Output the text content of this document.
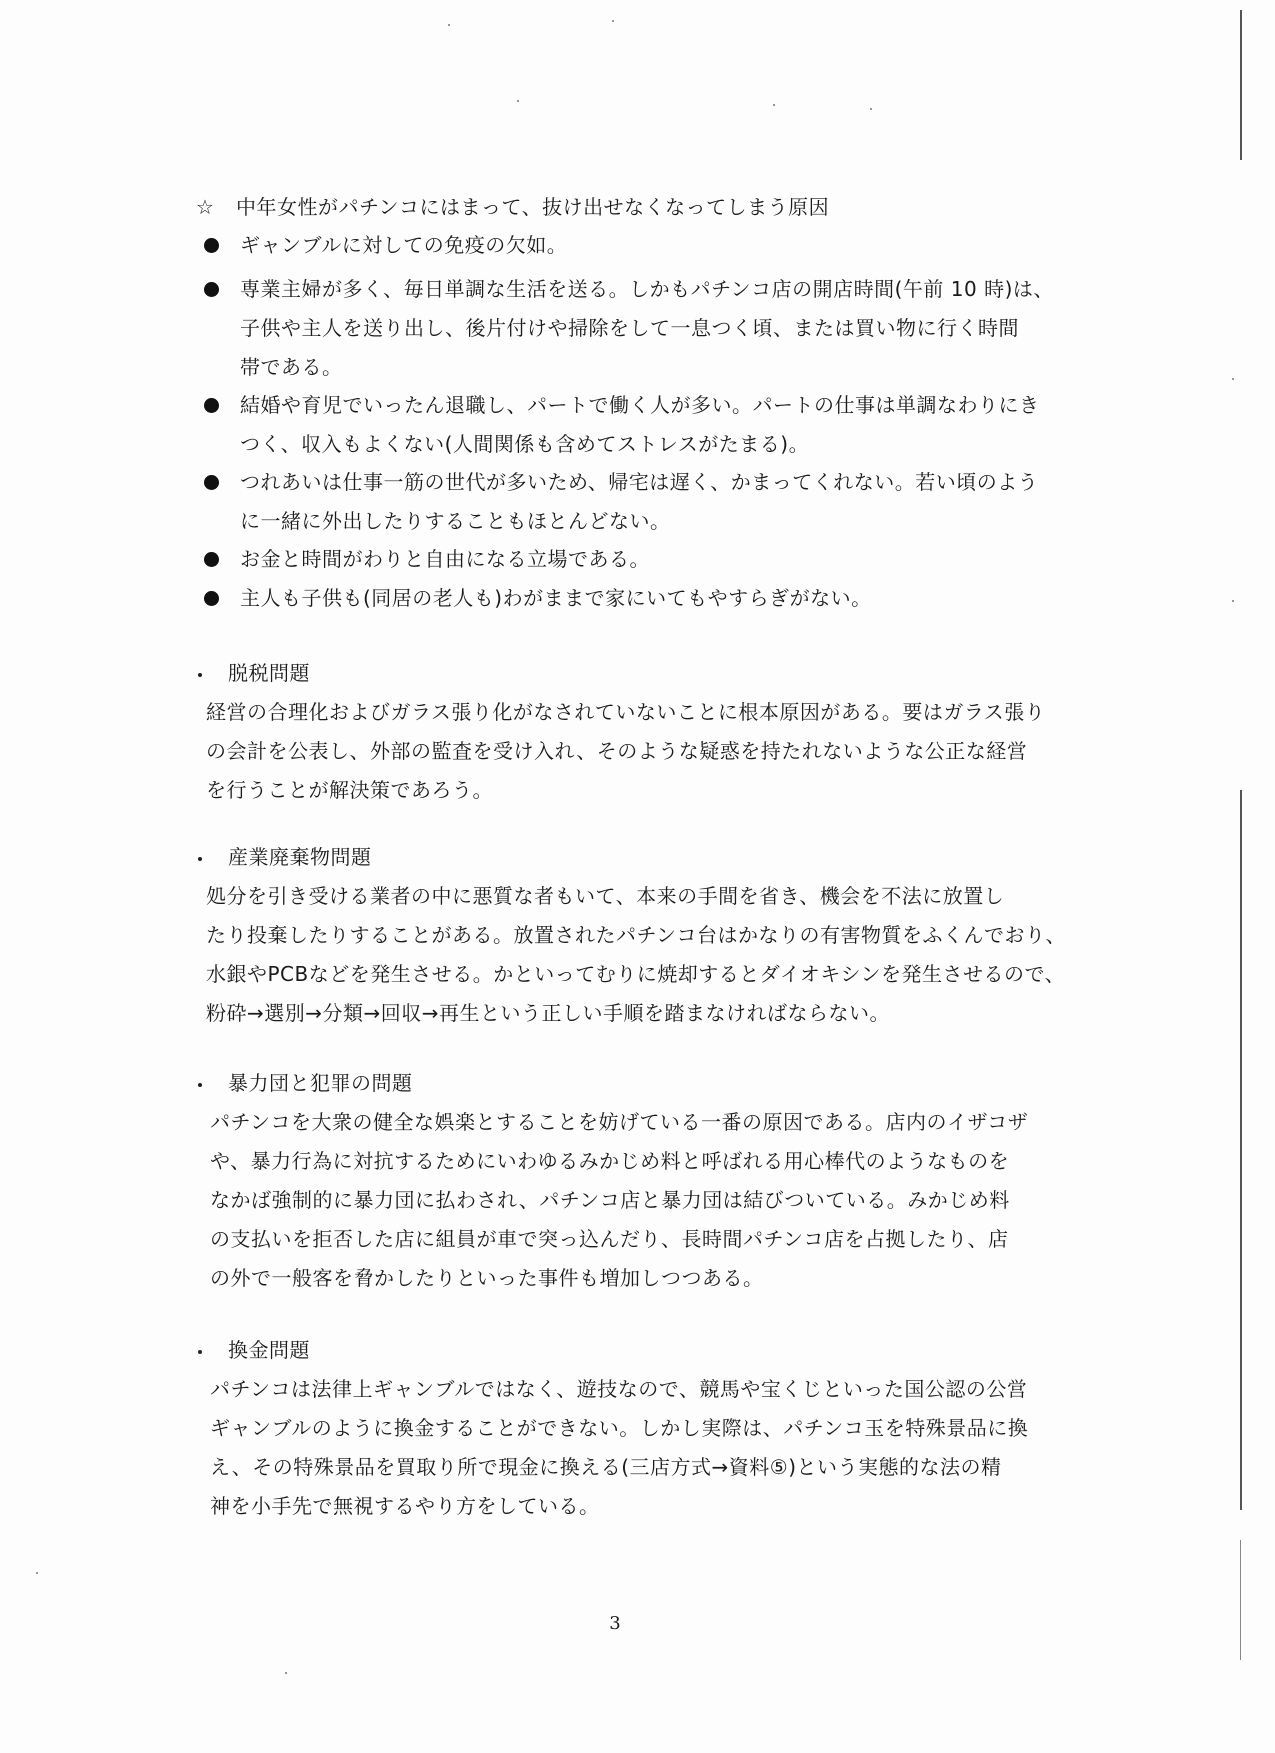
☆ 中年女性がパチンコにはまって、抜け出せなくなってしまう原因
ギャンブルに対しての免疫の欠如。
専業主婦が多く、毎日単調な生活を送る。しかもパチンコ店の開店時間(午前 10 時)は、
子供や主人を送り出し、後片付けや掃除をして一息つく頃、または買い物に行く時間
帯である。
結婚や育児でいったん退職し、パートで働く人が多い。パートの仕事は単調なわりにき
つく、収入もよくない(人間関係も含めてストレスがたまる)。
つれあいは仕事一筋の世代が多いため、帰宅は遅く、かまってくれない。若い頃のよう
に一緒に外出したりすることもほとんどない。
お金と時間がわりと自由になる立場である。
主人も子供も(同居の老人も)わがままで家にいてもやすらぎがない。
脱税問題
経営の合理化およびガラス張り化がなされていないことに根本原因がある。要はガラス張り
の会計を公表し、外部の監査を受け入れ、そのような疑惑を持たれないような公正な経営
を行うことが解決策であろう。
産業廃棄物問題
処分を引き受ける業者の中に悪質な者もいて、本来の手間を省き、機会を不法に放置し
たり投棄したりすることがある。放置されたパチンコ台はかなりの有害物質をふくんでおり、
水銀やPCBなどを発生させる。かといってむりに焼却するとダイオキシンを発生させるので、
粉砕→選別→分類→回収→再生という正しい手順を踏まなければならない。
暴力団と犯罪の問題
パチンコを大衆の健全な娯楽とすることを妨げている一番の原因である。店内のイザコザ
や、暴力行為に対抗するためにいわゆるみかじめ料と呼ばれる用心棒代のようなものを
なかば強制的に暴力団に払わされ、パチンコ店と暴力団は結びついている。みかじめ料
の支払いを拒否した店に組員が車で突っ込んだり、長時間パチンコ店を占拠したり、店
の外で一般客を脅かしたりといった事件も増加しつつある。
換金問題
パチンコは法律上ギャンブルではなく、遊技なので、競馬や宝くじといった国公認の公営
ギャンブルのように換金することができない。しかし実際は、パチンコ玉を特殊景品に換
え、その特殊景品を買取り所で現金に換える(三店方式→資料⑤)という実態的な法の精
神を小手先で無視するやり方をしている。
3
